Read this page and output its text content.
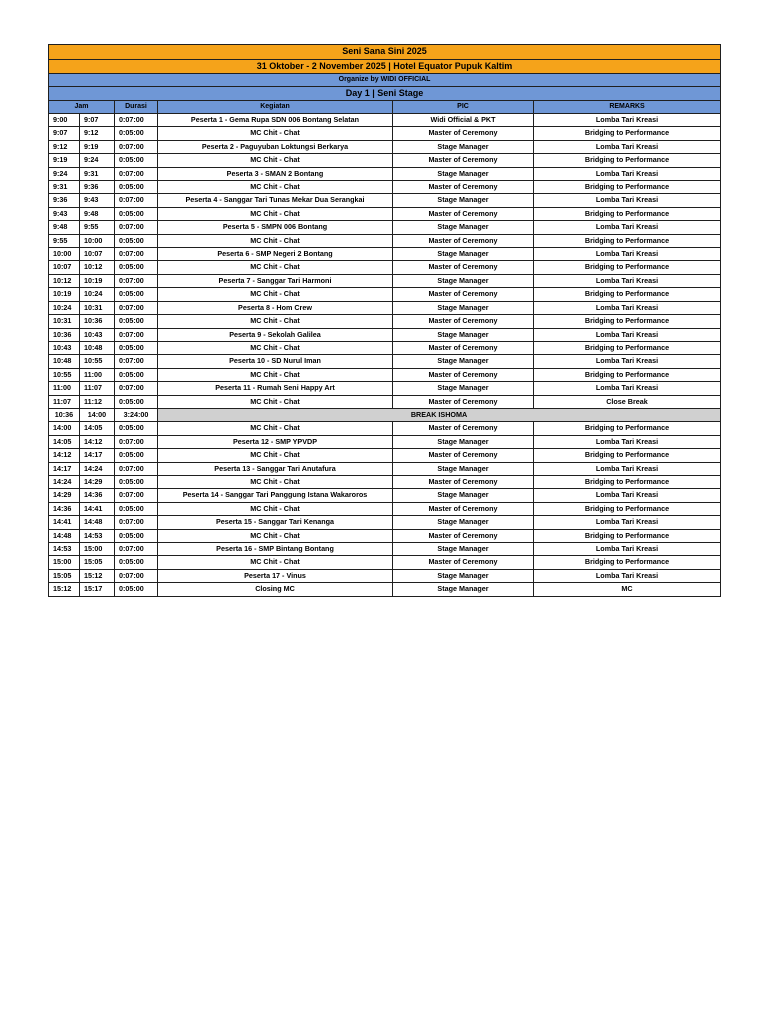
Seni Sana Sini 2025					
31 Oktober - 2 November 2025 | Hotel Equator Pupuk Kaltim					
Organize by WIDI OFFICIAL					
Day 1 | Seni Stage					
Jam		Durasi	Kegiatan	PIC	REMARKS
9:00	9:07	0:07:00	Peserta 1 - Gema Rupa SDN 006 Bontang Selatan	Widi Official & PKT	Lomba Tari Kreasi
9:07	9:12	0:05:00	MC Chit - Chat	Master of Ceremony	Bridging to Performance
9:12	9:19	0:07:00	Peserta 2 - Paguyuban Loktungsi Berkarya	Stage Manager	Lomba Tari Kreasi
9:19	9:24	0:05:00	MC Chit - Chat	Master of Ceremony	Bridging to Performance
9:24	9:31	0:07:00	Peserta 3 - SMAN 2 Bontang	Stage Manager	Lomba Tari Kreasi
9:31	9:36	0:05:00	MC Chit - Chat	Master of Ceremony	Bridging to Performance
9:36	9:43	0:07:00	Peserta 4 - Sanggar Tari Tunas Mekar Dua Serangkai	Stage Manager	Lomba Tari Kreasi
9:43	9:48	0:05:00	MC Chit - Chat	Master of Ceremony	Bridging to Performance
9:48	9:55	0:07:00	Peserta 5 - SMPN 006 Bontang	Stage Manager	Lomba Tari Kreasi
9:55	10:00	0:05:00	MC Chit - Chat	Master of Ceremony	Bridging to Performance
10:00	10:07	0:07:00	Peserta 6 - SMP Negeri 2 Bontang	Stage Manager	Lomba Tari Kreasi
10:07	10:12	0:05:00	MC Chit - Chat	Master of Ceremony	Bridging to Performance
10:12	10:19	0:07:00	Peserta 7 - Sanggar Tari Harmoni	Stage Manager	Lomba Tari Kreasi
10:19	10:24	0:05:00	MC Chit - Chat	Master of Ceremony	Bridging to Performance
10:24	10:31	0:07:00	Peserta 8 - Hom Crew	Stage Manager	Lomba Tari Kreasi
10:31	10:36	0:05:00	MC Chit - Chat	Master of Ceremony	Bridging to Performance
10:36	10:43	0:07:00	Peserta 9 - Sekolah Galilea	Stage Manager	Lomba Tari Kreasi
10:43	10:48	0:05:00	MC Chit - Chat	Master of Ceremony	Bridging to Performance
10:48	10:55	0:07:00	Peserta 10 - SD Nurul Iman	Stage Manager	Lomba Tari Kreasi
10:55	11:00	0:05:00	MC Chit - Chat	Master of Ceremony	Bridging to Performance
11:00	11:07	0:07:00	Peserta 11 - Rumah Seni Happy Art	Stage Manager	Lomba Tari Kreasi
11:07	11:12	0:05:00	MC Chit - Chat	Master of Ceremony	Close Break
10:36	14:00	3:24:00	BREAK ISHOMA		
14:00	14:05	0:05:00	MC Chit - Chat	Master of Ceremony	Bridging to Performance
14:05	14:12	0:07:00	Peserta 12 - SMP YPVDP	Stage Manager	Lomba Tari Kreasi
14:12	14:17	0:05:00	MC Chit - Chat	Master of Ceremony	Bridging to Performance
14:17	14:24	0:07:00	Peserta 13 - Sanggar Tari Anutafura	Stage Manager	Lomba Tari Kreasi
14:24	14:29	0:05:00	MC Chit - Chat	Master of Ceremony	Bridging to Performance
14:29	14:36	0:07:00	Peserta 14 - Sanggar Tari Panggung Istana Wakaroros	Stage Manager	Lomba Tari Kreasi
14:36	14:41	0:05:00	MC Chit - Chat	Master of Ceremony	Bridging to Performance
14:41	14:48	0:07:00	Peserta 15 - Sanggar Tari Kenanga	Stage Manager	Lomba Tari Kreasi
14:48	14:53	0:05:00	MC Chit - Chat	Master of Ceremony	Bridging to Performance
14:53	15:00	0:07:00	Peserta 16 - SMP Bintang Bontang	Stage Manager	Lomba Tari Kreasi
15:00	15:05	0:05:00	MC Chit - Chat	Master of Ceremony	Bridging to Performance
15:05	15:12	0:07:00	Peserta 17 - Vinus	Stage Manager	Lomba Tari Kreasi
15:12	15:17	0:05:00	Closing MC	Stage Manager	MC
